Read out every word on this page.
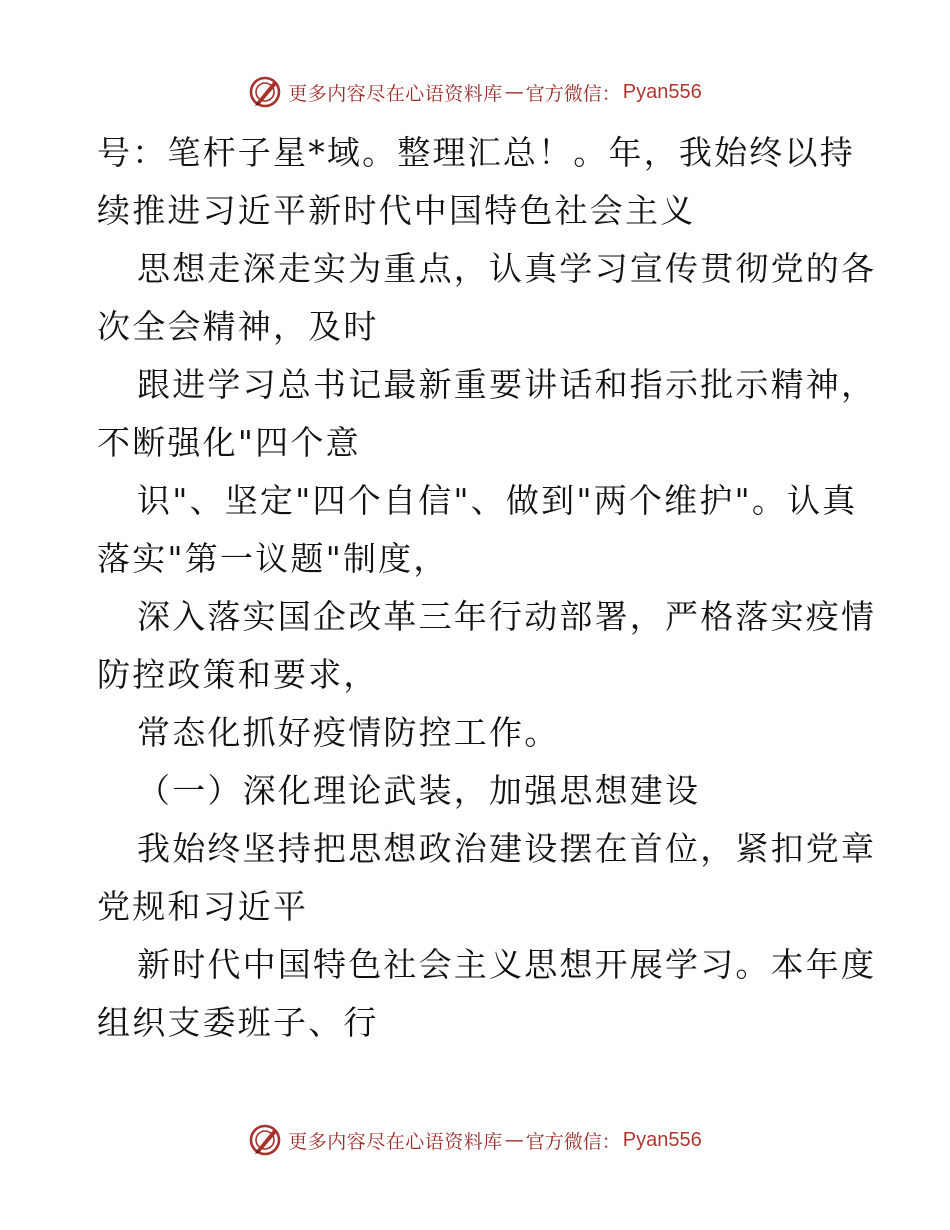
更多内容尽在心语资料库 — 官方微信： Pyan556
号：笔杆子星*域。整理汇总！。年，我始终以持
续推进习近平新时代中国特色社会主义
思想走深走实为重点，认真学习宣传贯彻党的各
次全会精神，及时
跟进学习总书记最新重要讲话和指示批示精神，
不断强化"四个意
识"、坚定"四个自信"、做到"两个维护"。认真
落实"第一议题"制度，
深入落实国企改革三年行动部署，严格落实疫情
防控政策和要求，
常态化抓好疫情防控工作。
（一）深化理论武装，加强思想建设
我始终坚持把思想政治建设摆在首位，紧扣党章
党规和习近平
新时代中国特色社会主义思想开展学习。本年度
组织支委班子、行
更多内容尽在心语资料库 — 官方微信： Pyan556
